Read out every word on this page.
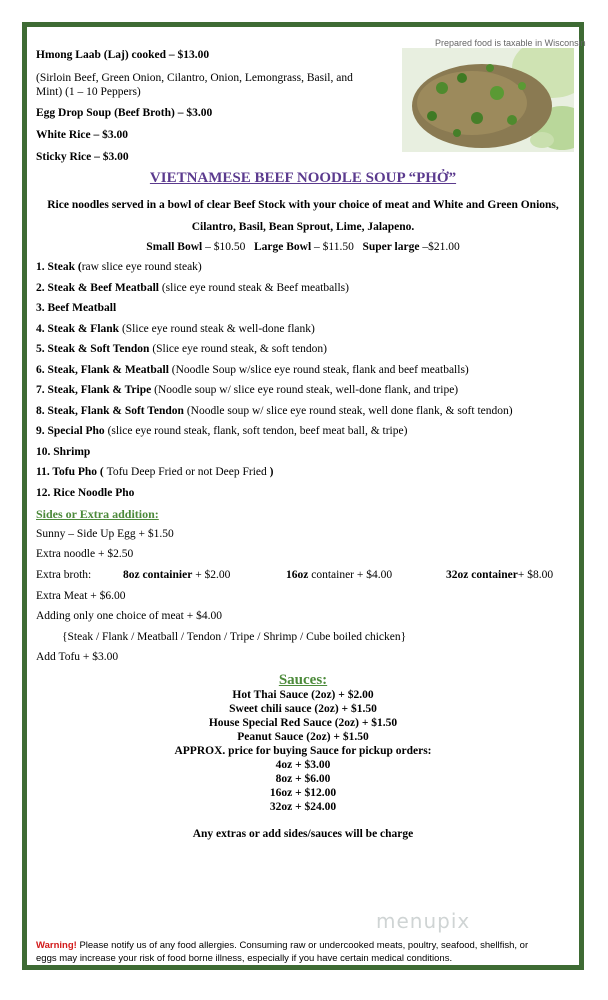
Prepared food is taxable in Wisconsin
Hmong Laab (Laj) cooked – $13.00
(Sirloin Beef, Green Onion, Cilantro, Onion, Lemongrass, Basil, and
Mint) (1 – 10 Peppers)
Egg Drop Soup (Beef Broth) – $3.00
White Rice – $3.00
Sticky Rice – $3.00
VIETNAMESE BEEF NOODLE SOUP “PHỞ”
Rice noodles served in a bowl of clear Beef Stock with your choice of meat and White and Green Onions,
Cilantro, Basil, Bean Sprout, Lime, Jalapeno.
Small Bowl – $10.50 Large Bowl – $11.50 Super large –$21.00
1. Steak (raw slice eye round steak)
2. Steak & Beef Meatball (slice eye round steak & Beef meatballs)
3. Beef Meatball
4. Steak & Flank (Slice eye round steak & well-done flank)
5. Steak & Soft Tendon (Slice eye round steak, & soft tendon)
6. Steak, Flank & Meatball (Noodle Soup w/slice eye round steak, flank and beef meatballs)
7. Steak, Flank & Tripe (Noodle soup w/ slice eye round steak, well-done flank, and tripe)
8. Steak, Flank & Soft Tendon (Noodle soup w/ slice eye round steak, well done flank, & soft tendon)
9. Special Pho (slice eye round steak, flank, soft tendon, beef meat ball, & tripe)
10. Shrimp
11. Tofu Pho ( Tofu Deep Fried or not Deep Fried )
12. Rice Noodle Pho
Sides or Extra addition:
Sunny – Side Up Egg + $1.50
Extra noodle + $2.50
Extra broth:	8oz containier + $2.00	16oz container + $4.00	32oz container+ $8.00
Extra Meat + $6.00
Adding only one choice of meat + $4.00
{Steak / Flank / Meatball / Tendon / Tripe / Shrimp / Cube boiled chicken}
Add Tofu + $3.00
Sauces:
Hot Thai Sauce (2oz) + $2.00
Sweet chili sauce (2oz) + $1.50
House Special Red Sauce (2oz) + $1.50
Peanut Sauce (2oz) + $1.50
APPROX. price for buying Sauce for pickup orders:
4oz + $3.00
8oz + $6.00
16oz + $12.00
32oz + $24.00
Any extras or add sides/sauces will be charge
menupix
Warning! Please notify us of any food allergies. Consuming raw or undercooked meats, poultry, seafood, shellfish, or
eggs may increase your risk of food borne illness, especially if you have certain medical conditions.
